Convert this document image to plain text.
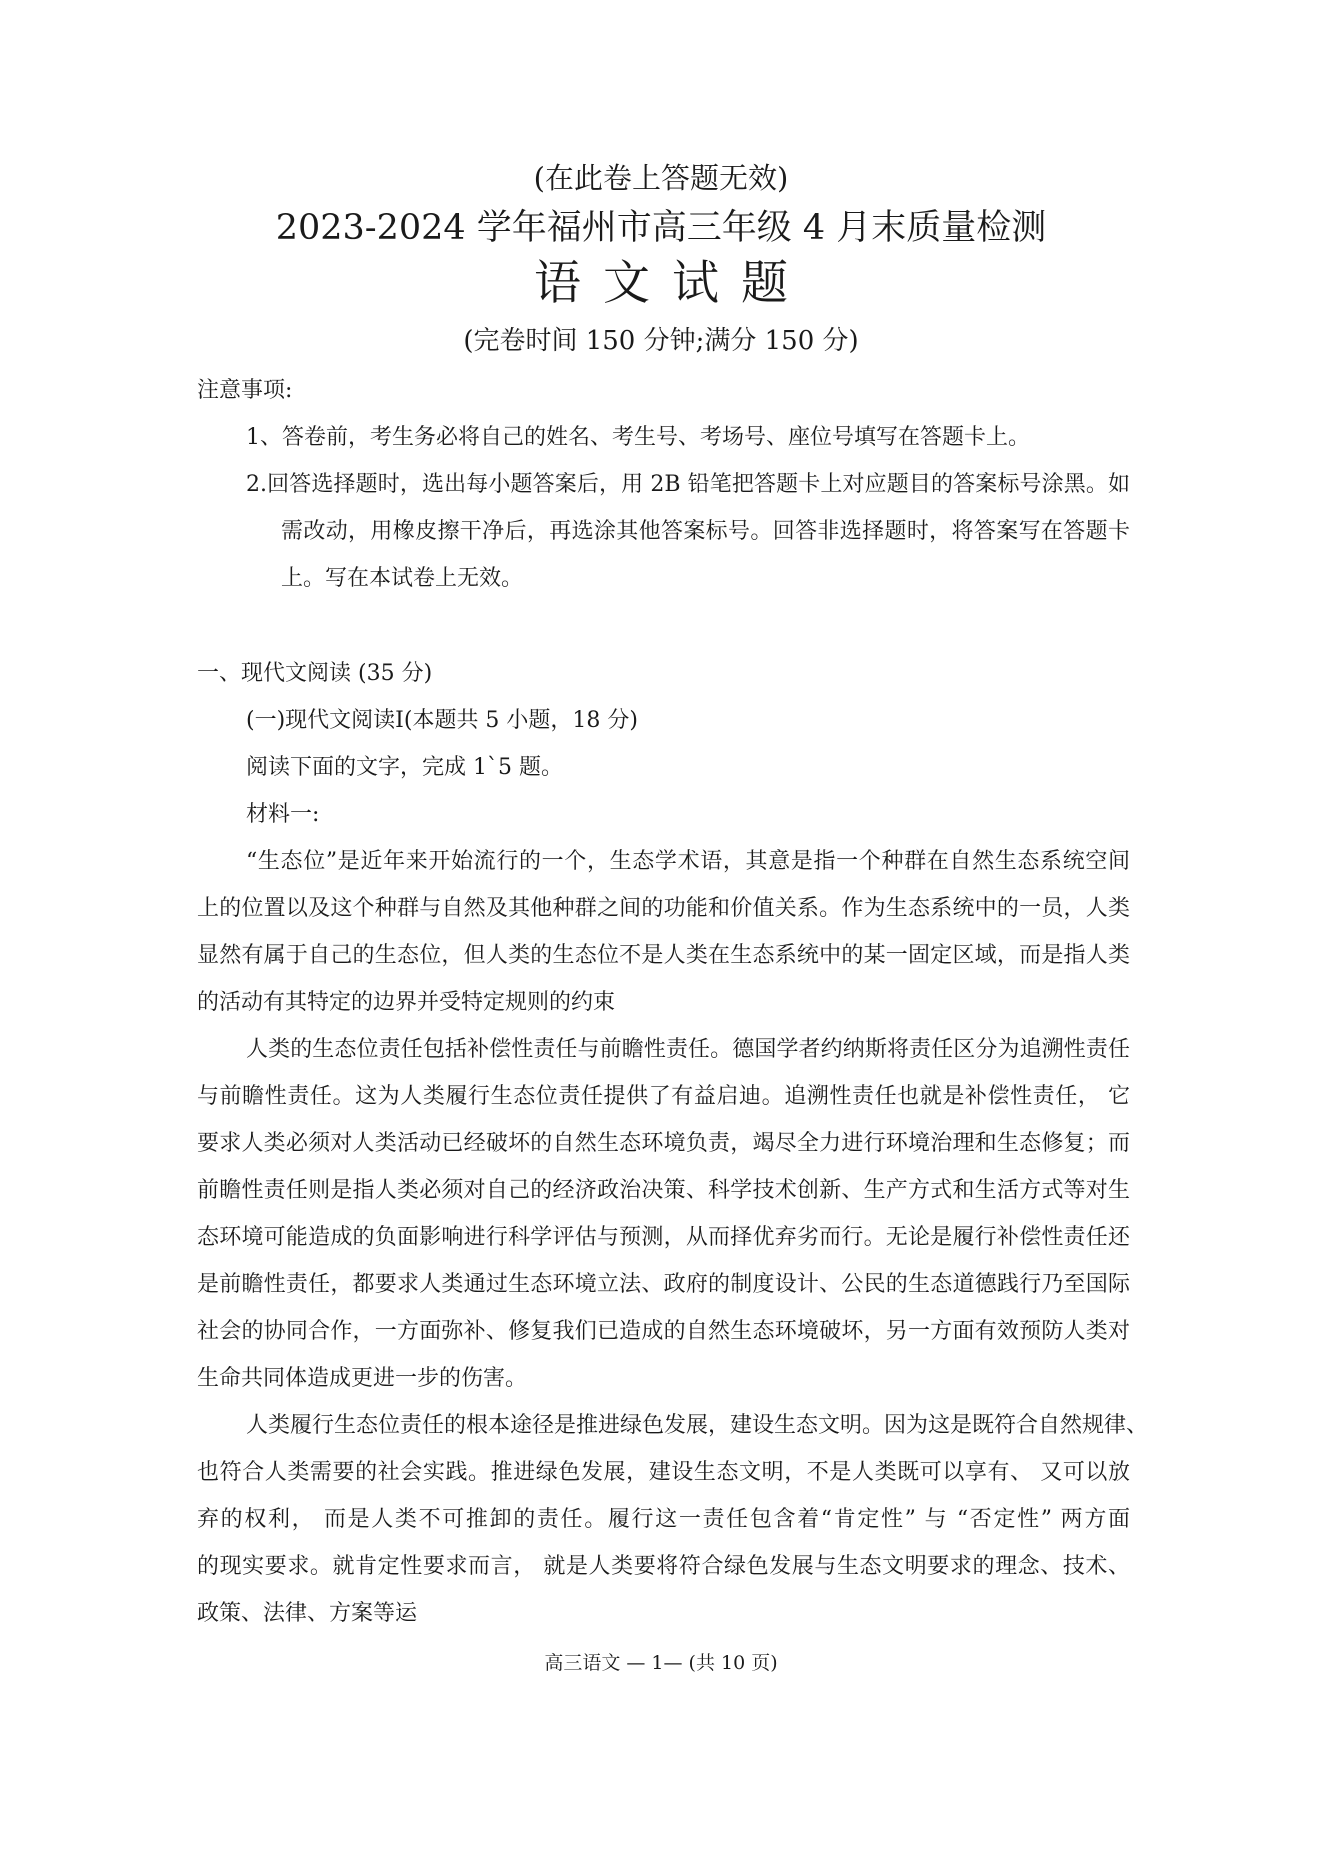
(在此卷上答题无效)
2023-2024 学年福州市高三年级 4 月末质量检测
语文试题
(完卷时间 150 分钟;满分 150 分)
注意事项:
1、答卷前，考生务必将自己的姓名、考生号、考场号、座位号填写在答题卡上。
2.回答选择题时，选出每小题答案后，用 2B 铅笔把答题卡上对应题目的答案标号涂黑。如
需改动，用橡皮擦干净后，再选涂其他答案标号。回答非选择题时，将答案写在答题卡
上。写在本试卷上无效。
一、现代文阅读 (35 分)
(一)现代文阅读Ⅰ(本题共 5 小题，18 分)
阅读下面的文字，完成 1`5 题。
材料一:
“生态位”是近年来开始流行的一个，生态学术语，其意是指一个种群在自然生态系统空间
上的位置以及这个种群与自然及其他种群之间的功能和价值关系。作为生态系统中的一员，人类
显然有属于自己的生态位，但人类的生态位不是人类在生态系统中的某一固定区域，而是指人类
的活动有其特定的边界并受特定规则的约束
人类的生态位责任包括补偿性责任与前瞻性责任。德国学者约纳斯将责任区分为追溯性责任
与前瞻性责任。这为人类履行生态位责任提供了有益启迪。追溯性责任也就是补偿性责任， 它
要求人类必须对人类活动已经破坏的自然生态环境负责，竭尽全力进行环境治理和生态修复；而
前瞻性责任则是指人类必须对自己的经济政治决策、科学技术创新、生产方式和生活方式等对生
态环境可能造成的负面影响进行科学评估与预测，从而择优弃劣而行。无论是履行补偿性责任还
是前瞻性责任，都要求人类通过生态环境立法、政府的制度设计、公民的生态道德践行乃至国际
社会的协同合作，一方面弥补、修复我们已造成的自然生态环境破坏，另一方面有效预防人类对
生命共同体造成更进一步的伤害。
人类履行生态位责任的根本途径是推进绿色发展，建设生态文明。因为这是既符合自然规律、
也符合人类需要的社会实践。推进绿色发展，建设生态文明，不是人类既可以享有、 又可以放
弃的权利， 而是人类不可推卸的责任。履行这一责任包含着“肯定性” 与 “否定性” 两方面
的现实要求。就肯定性要求而言， 就是人类要将符合绿色发展与生态文明要求的理念、技术、
政策、法律、方案等运
高三语文 — 1— (共 10 页)
